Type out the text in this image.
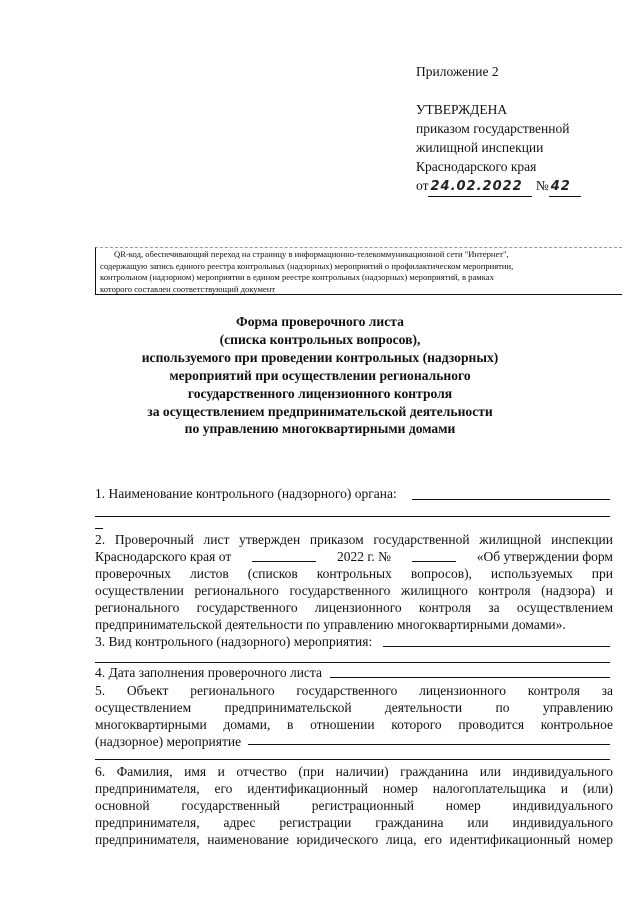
Приложение 2
УТВЕРЖДЕНА
приказом государственной
жилищной инспекции
Краснодарского края
от 24.02.2022 № 42

QR-код, обеспечивающий переход на страницу в информационно-телекоммуникационной сети "Интернет",

содержащую запись единого реестра контрольных (надзорных) мероприятий о профилактическом мероприятии,

контрольном (надзорном) мероприятии в едином реестре контрольных (надзорных) мероприятий, в рамках

которого составлен соответствующий документ

Форма проверочного листа
(списка контрольных вопросов),
используемого при проведении контрольных (надзорных)
мероприятий при осуществлении регионального
государственного лицензионного контроля
за осуществлением предпринимательской деятельности
по управлению многоквартирными домами
1. Наименование контрольного (надзорного) органа:
2. Проверочный лист утвержден приказом государственной жилищной инспекции
Краснодарского края от	2022 г. №	«Об утверждении форм
проверочных листов (списков контрольных вопросов), используемых при
осуществлении регионального государственного жилищного контроля (надзора) и
регионального государственного лицензионного контроля за осуществлением
предпринимательской деятельности по управлению многоквартирными домами».
3. Вид контрольного (надзорного) мероприятия:
4. Дата заполнения проверочного листа
5. Объект регионального государственного лицензионного контроля за
осуществлением предпринимательской деятельности по управлению
многоквартирными домами, в отношении которого проводится контрольное
(надзорное) мероприятие
6. Фамилия, имя и отчество (при наличии) гражданина или индивидуального
предпринимателя, его идентификационный номер налогоплательщика и (или)
основной государственный регистрационный номер индивидуального
предпринимателя, адрес регистрации гражданина или индивидуального
предпринимателя, наименование юридического лица, его идентификационный номер
